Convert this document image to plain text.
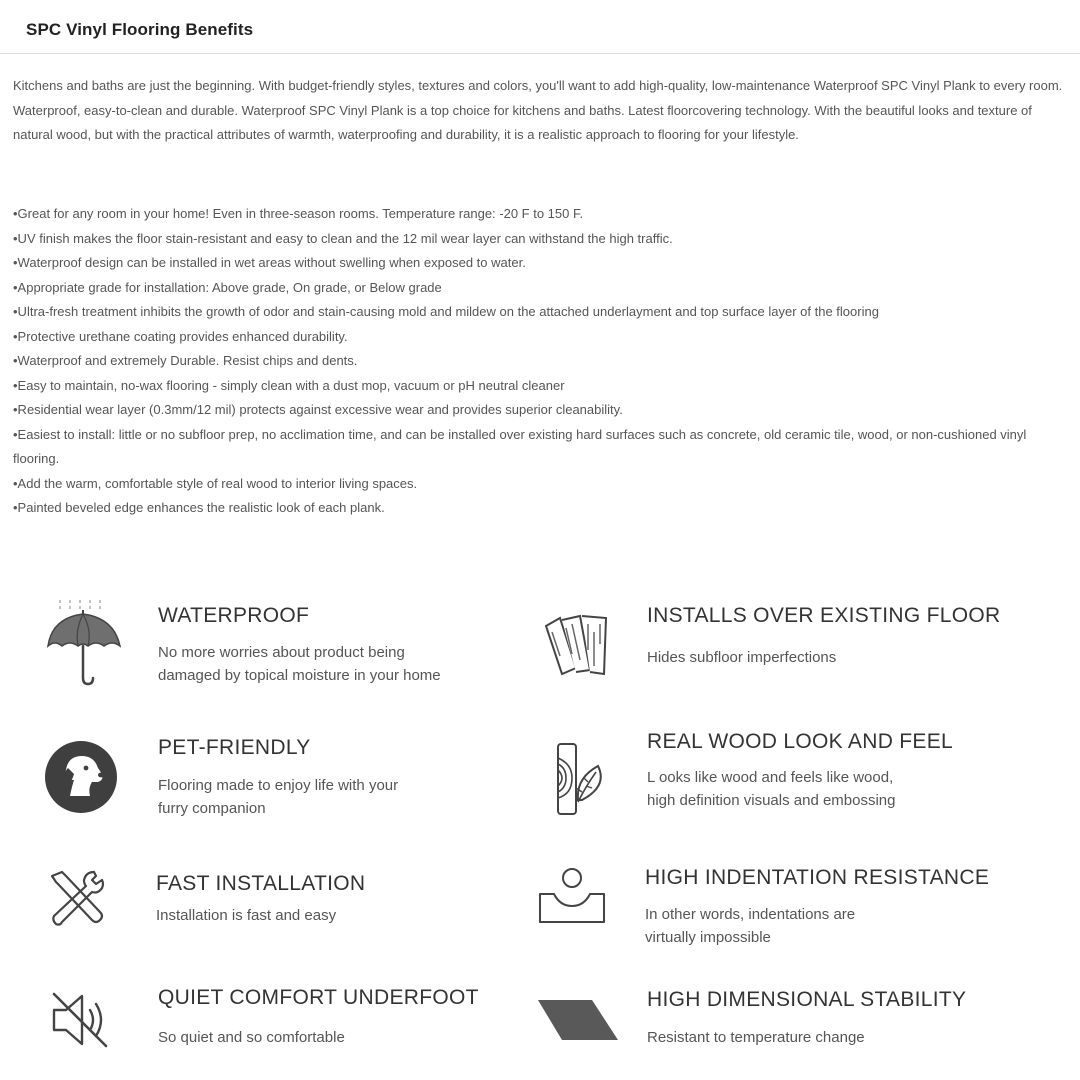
SPC Vinyl Flooring Benefits

Kitchens and baths are just the beginning. With budget-friendly styles, textures and colors, you'll want to add high-quality, low-maintenance Waterproof SPC Vinyl Plank to every room. Waterproof, easy-to-clean and durable. Waterproof SPC Vinyl Plank is a top choice for kitchens and baths. Latest floorcovering technology. With the beautiful looks and texture of natural wood, but with the practical attributes of warmth, waterproofing and durability, it is a realistic approach to flooring for your lifestyle.

•Great for any room in your home! Even in three-season rooms. Temperature range: -20 F to 150 F.
•UV finish makes the floor stain-resistant and easy to clean and the 12 mil wear layer can withstand the high traffic.
•Waterproof design can be installed in wet areas without swelling when exposed to water.
•Appropriate grade for installation: Above grade, On grade, or Below grade
•Ultra-fresh treatment inhibits the growth of odor and stain-causing mold and mildew on the attached underlayment and top surface layer of the flooring
•Protective urethane coating provides enhanced durability.
•Waterproof and extremely Durable. Resist chips and dents.
•Easy to maintain, no-wax flooring - simply clean with a dust mop, vacuum or pH neutral cleaner
•Residential wear layer (0.3mm/12 mil) protects against excessive wear and provides superior cleanability.
•Easiest to install: little or no subfloor prep, no acclimation time, and can be installed over existing hard surfaces such as concrete, old ceramic tile, wood, or non-cushioned vinyl flooring.
•Add the warm, comfortable style of real wood to interior living spaces.
•Painted beveled edge enhances the realistic look of each plank.
WATERPROOF
No more worries about product being
damaged by topical moisture in your home
INSTALLS OVER EXISTING FLOOR
Hides subfloor imperfections
PET-FRIENDLY
Flooring made to enjoy life with your
furry companion
REAL WOOD LOOK AND FEEL
L ooks like wood and feels like wood,
high definition visuals and embossing
FAST INSTALLATION
Installation is fast and easy
HIGH INDENTATION RESISTANCE
In other words, indentations are
virtually impossible
QUIET COMFORT UNDERFOOT
So quiet and so comfortable
HIGH DIMENSIONAL STABILITY
Resistant to temperature change
